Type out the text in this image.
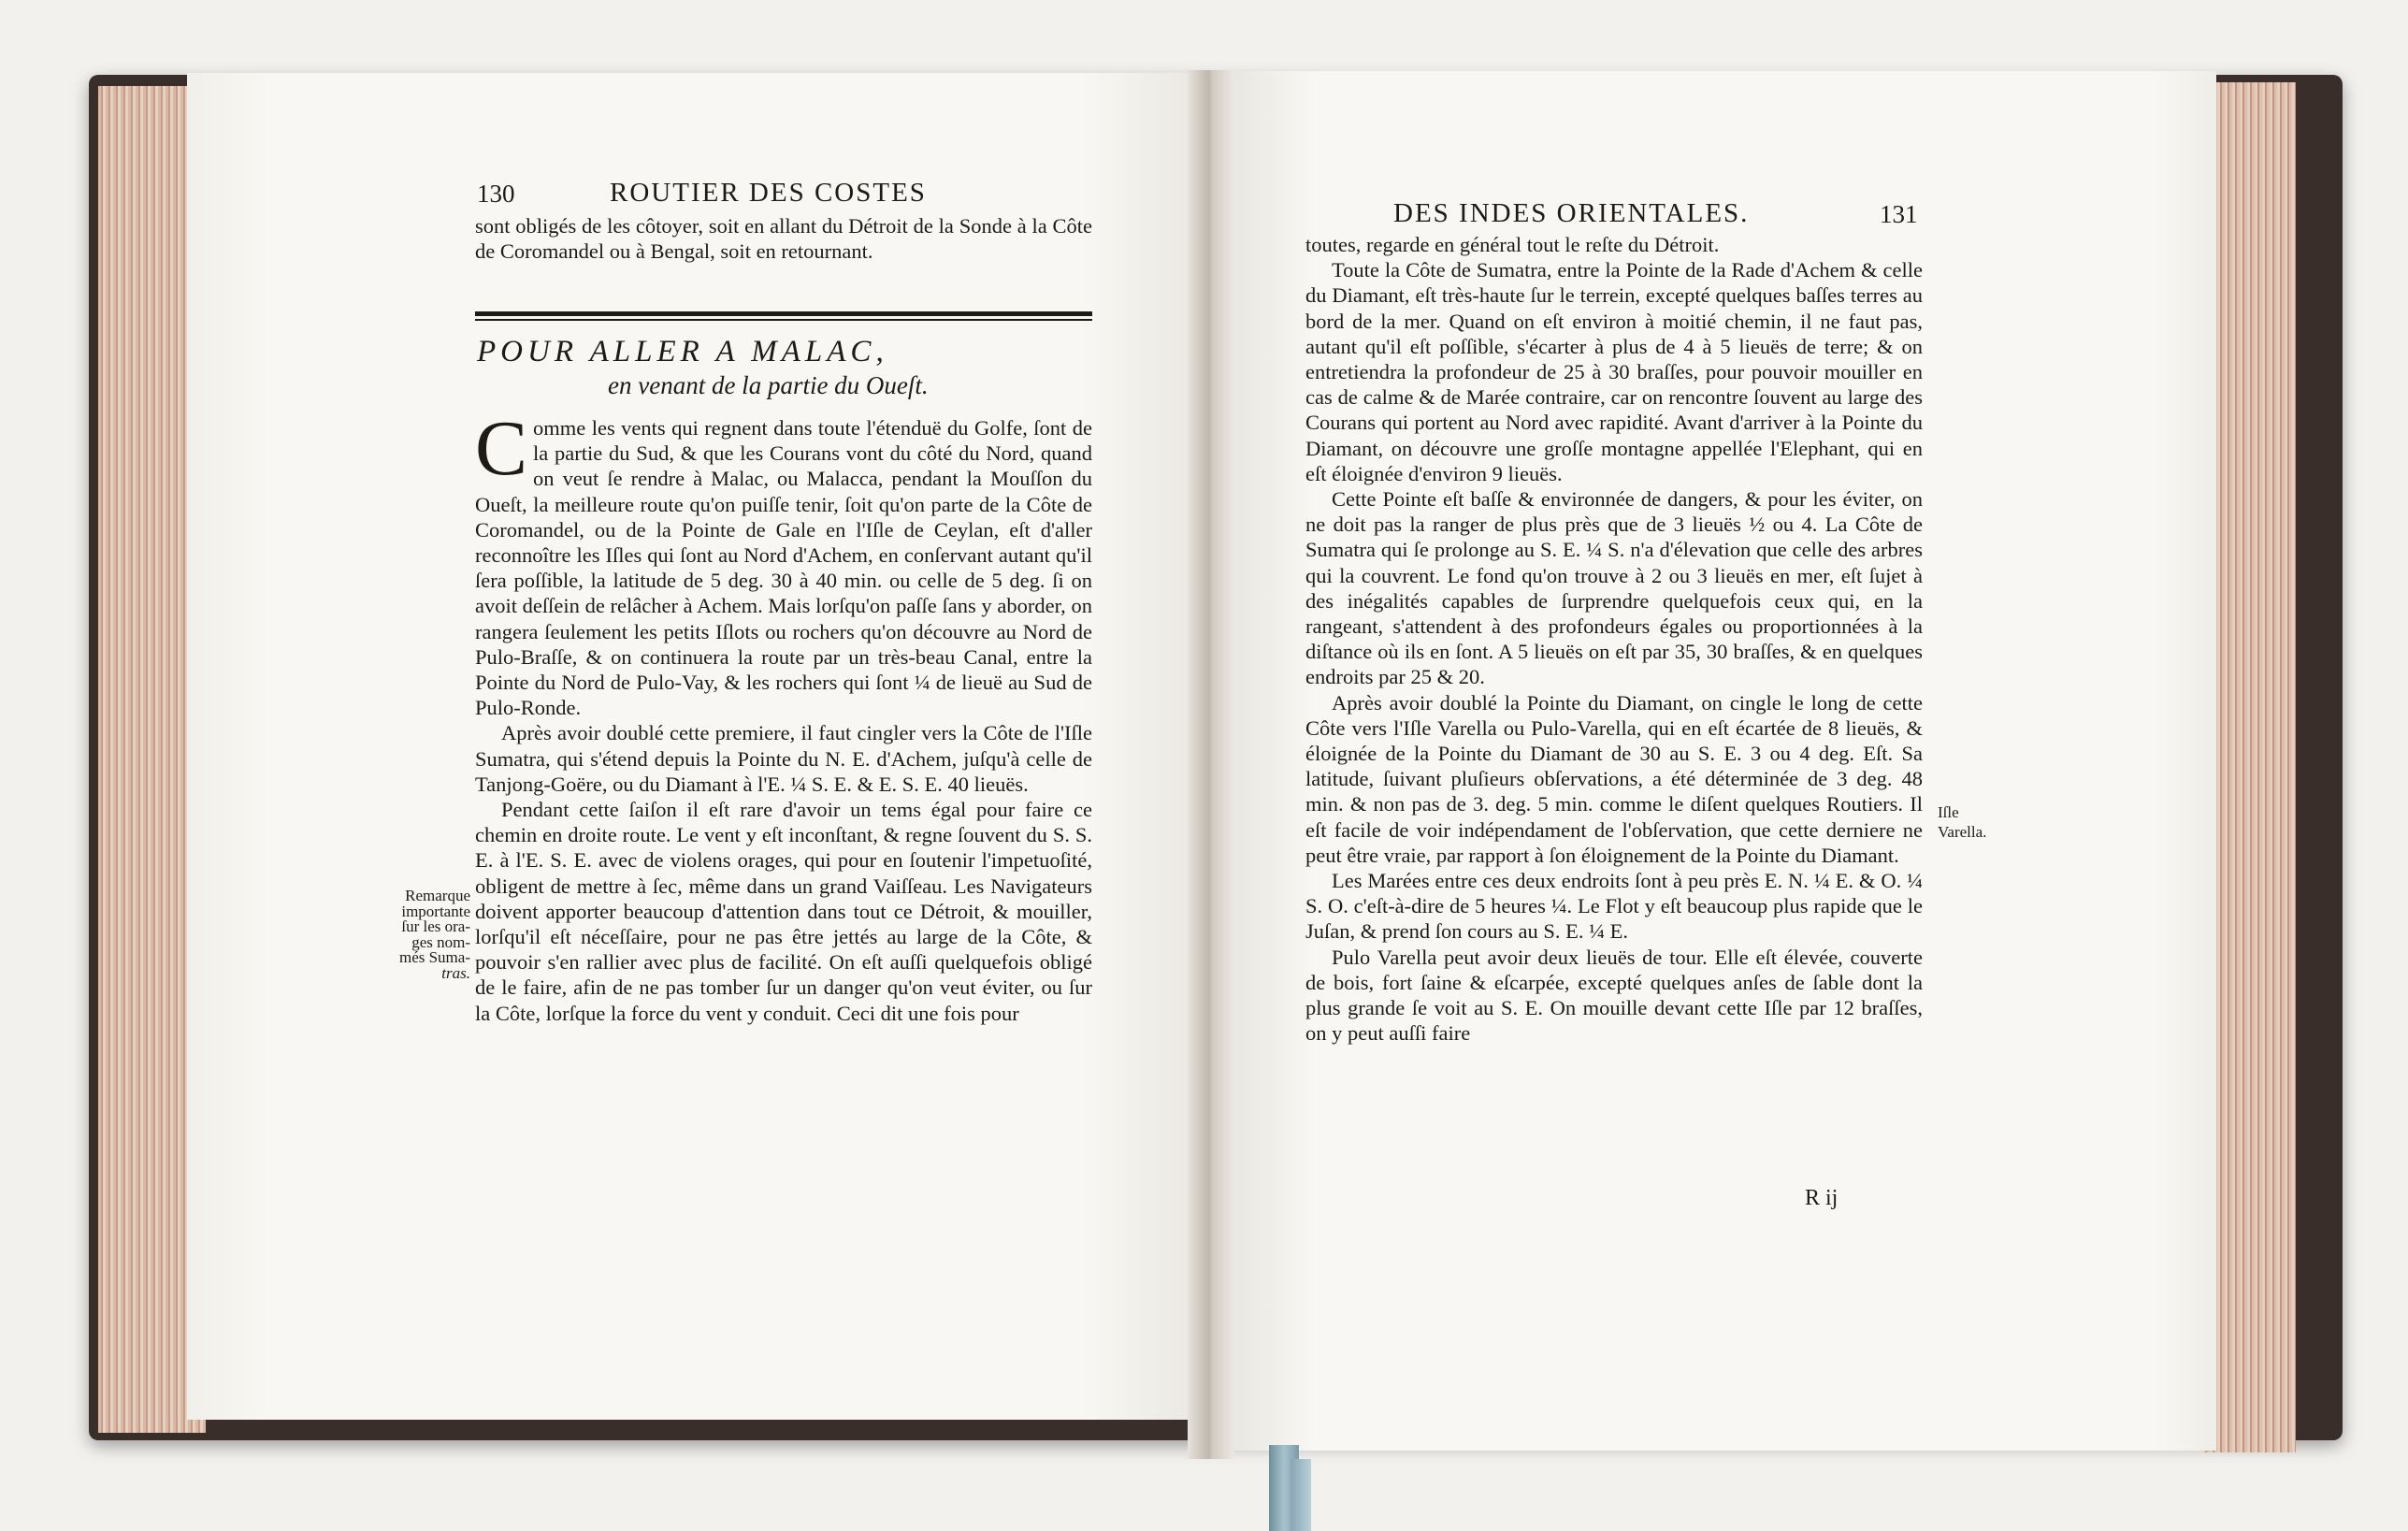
130	ROUTIER DES COSTES

sont obligés de les côtoyer, soit en allant du Détroit de la Sonde à la Côte de Coromandel ou à Bengal, soit en retournant.

POUR ALLER A MALAC,
en venant de la partie du Oueſt.

Comme les vents qui regnent dans toute l'étenduë du Golfe, ſont de la partie du Sud, & que les Courans vont du côté du Nord, quand on veut ſe rendre à Malac, ou Malacca, pendant la Mouſſon du Oueſt, la meilleure route qu'on puiſſe tenir, ſoit qu'on parte de la Côte de Coromandel, ou de la Pointe de Gale en l'Iſle de Ceylan, eſt d'aller reconnoître les Iſles qui ſont au Nord d'Achem, en conſervant autant qu'il ſera poſſible, la latitude de 5 deg. 30 à 40 min. ou celle de 5 deg. ſi on avoit deſſein de relâcher à Achem. Mais lorſqu'on paſſe ſans y aborder, on rangera ſeulement les petits Iſlots ou rochers qu'on découvre au Nord de Pulo-Braſſe, & on continuera la route par un très-beau Canal, entre la Pointe du Nord de Pulo-Vay, & les rochers qui ſont ¼ de lieuë au Sud de Pulo-Ronde.

Après avoir doublé cette premiere, il faut cingler vers la Côte de l'Iſle Sumatra, qui s'étend depuis la Pointe du N. E. d'Achem, juſqu'à celle de Tanjong-Goëre, ou du Diamant à l'E. ¼ S. E. & E. S. E. 40 lieuës.

Pendant cette ſaiſon il eſt rare d'avoir un tems égal pour faire ce chemin en droite route. Le vent y eſt inconſtant, & regne ſouvent du S. S. E. à l'E. S. E. avec de violens orages, qui pour en ſoutenir l'impetuoſité, obligent de mettre à ſec, même dans un grand Vaiſſeau. Les Navigateurs doivent apporter beaucoup d'attention dans tout ce Détroit, & mouiller, lorſqu'il eſt néceſſaire, pour ne pas être jettés au large de la Côte, & pouvoir s'en rallier avec plus de facilité. On eſt auſſi quelquefois obligé de le faire, afin de ne pas tomber ſur un danger qu'on veut éviter, ou ſur la Côte, lorſque la force du vent y conduit. Ceci dit une fois pour

Remarque
importante
ſur les ora-
ges nom-
més Suma-
tras.
DES INDES ORIENTALES.	131

toutes, regarde en général tout le reſte du Détroit.

Toute la Côte de Sumatra, entre la Pointe de la Rade d'Achem & celle du Diamant, eſt très-haute ſur le terrein, excepté quelques baſſes terres au bord de la mer. Quand on eſt environ à moitié chemin, il ne faut pas, autant qu'il eſt poſſible, s'écarter à plus de 4 à 5 lieuës de terre; & on entretiendra la profondeur de 25 à 30 braſſes, pour pouvoir mouiller en cas de calme & de Marée contraire, car on rencontre ſouvent au large des Courans qui portent au Nord avec rapidité. Avant d'arriver à la Pointe du Diamant, on découvre une groſſe montagne appellée l'Elephant, qui en eſt éloignée d'environ 9 lieuës.

Cette Pointe eſt baſſe & environnée de dangers, & pour les éviter, on ne doit pas la ranger de plus près que de 3 lieuës ½ ou 4. La Côte de Sumatra qui ſe prolonge au S. E. ¼ S. n'a d'élevation que celle des arbres qui la couvrent. Le fond qu'on trouve à 2 ou 3 lieuës en mer, eſt ſujet à des inégalités capables de ſurprendre quelquefois ceux qui, en la rangeant, s'attendent à des profondeurs égales ou proportionnées à la diſtance où ils en ſont. A 5 lieuës on eſt par 35, 30 braſſes, & en quelques endroits par 25 & 20.

Après avoir doublé la Pointe du Diamant, on cingle le long de cette Côte vers l'Iſle Varella ou Pulo-Varella, qui en eſt écartée de 8 lieuës, & éloignée de la Pointe du Diamant de 30 au S. E. 3 ou 4 deg. Eſt. Sa latitude, ſuivant pluſieurs obſervations, a été déterminée de 3 deg. 48 min. & non pas de 3. deg. 5 min. comme le diſent quelques Routiers. Il eſt facile de voir indépendament de l'obſervation, que cette derniere ne peut être vraie, par rapport à ſon éloignement de la Pointe du Diamant.

Les Marées entre ces deux endroits ſont à peu près E. N. ¼ E. & O. ¼ S. O. c'eſt-à-dire de 5 heures ¼. Le Flot y eſt beaucoup plus rapide que le Juſan, & prend ſon cours au S. E. ¼ E.

Pulo Varella peut avoir deux lieuës de tour. Elle eſt élevée, couverte de bois, fort ſaine & eſcarpée, excepté quelques anſes de ſable dont la plus grande ſe voit au S. E. On mouille devant cette Iſle par 12 braſſes, on y peut auſſi faire

Iſle
Varella.
R ij
